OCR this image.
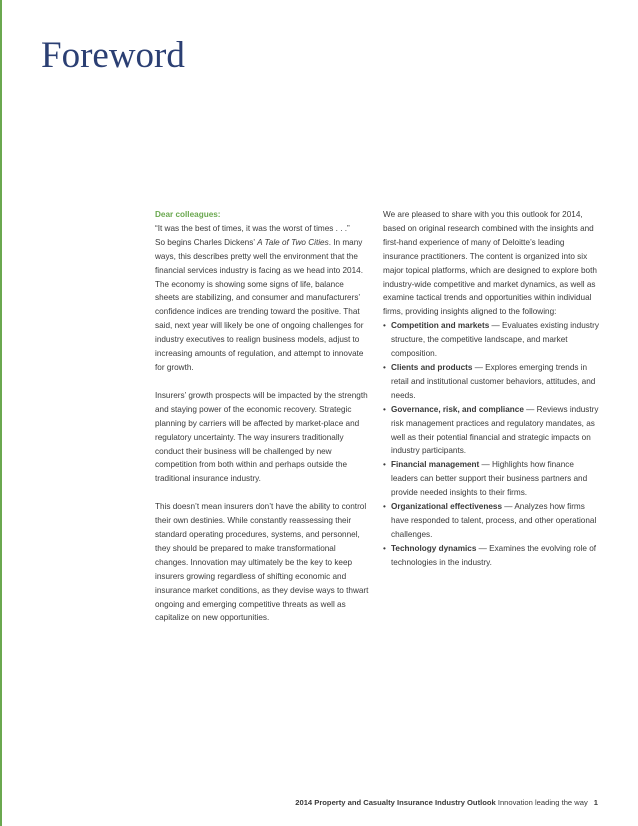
Foreword

Dear colleagues:

“It was the best of times, it was the worst of times . . .”

So begins Charles Dickens’ A Tale of Two Cities. In many ways, this describes pretty well the environment that the financial services industry is facing as we head into 2014. The economy is showing some signs of life, balance sheets are stabilizing, and consumer and manufacturers’ confidence indices are trending toward the positive. That said, next year will likely be one of ongoing challenges for industry executives to realign business models, adjust to increasing amounts of regulation, and attempt to innovate for growth.

Insurers’ growth prospects will be impacted by the strength and staying power of the economic recovery. Strategic planning by carriers will be affected by market-place and regulatory uncertainty. The way insurers traditionally conduct their business will be challenged by new competition from both within and perhaps outside the traditional insurance industry.

This doesn’t mean insurers don’t have the ability to control their own destinies. While constantly reassessing their standard operating procedures, systems, and personnel, they should be prepared to make transformational changes. Innovation may ultimately be the key to keep insurers growing regardless of shifting economic and insurance market conditions, as they devise ways to thwart ongoing and emerging competitive threats as well as capitalize on new opportunities.

We are pleased to share with you this outlook for 2014, based on original research combined with the insights and first-hand experience of many of Deloitte’s leading insurance practitioners. The content is organized into six major topical platforms, which are designed to explore both industry-wide competitive and market dynamics, as well as examine tactical trends and opportunities within individual firms, providing insights aligned to the following:

• Competition and markets — Evaluates existing industry structure, the competitive landscape, and market composition.
• Clients and products — Explores emerging trends in retail and institutional customer behaviors, attitudes, and needs.
• Governance, risk, and compliance — Reviews industry risk management practices and regulatory mandates, as well as their potential financial and strategic impacts on industry participants.
• Financial management — Highlights how finance leaders can better support their business partners and provide needed insights to their firms.
• Organizational effectiveness — Analyzes how firms have responded to talent, process, and other operational challenges.
• Technology dynamics — Examines the evolving role of technologies in the industry.
2014 Property and Casualty Insurance Industry Outlook Innovation leading the way 1
